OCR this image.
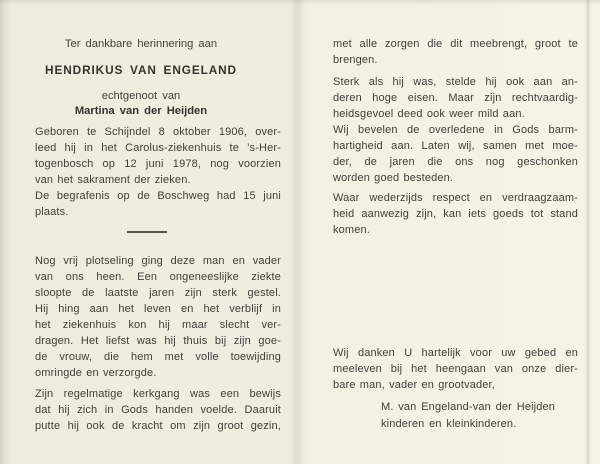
Ter dankbare herinnering aan
HENDRIKUS VAN ENGELAND
echtgenoot van
Martina van der Heijden
Geboren te Schijndel 8 oktober 1906, over-
leed hij in het Carolus-ziekenhuis te ’s-Her-
togenbosch op 12 juni 1978, nog voorzien
van het sakrament der zieken.
De begrafenis op de Boschweg had 15 juni
plaats.
Nog vrij plotseling ging deze man en vader
van ons heen. Een ongeneeslijke ziekte
sloopte de laatste jaren zijn sterk gestel.
Hij hing aan het leven en het verblijf in
het ziekenhuis kon hij maar slecht ver-
dragen. Het liefst was hij thuis bij zijn goe-
de vrouw, die hem met volle toewijding
omringde en verzorgde.
Zijn regelmatige kerkgang was een bewijs
dat hij zich in Gods handen voelde. Daaruit
putte hij ook de kracht om zijn groot gezin,
met alle zorgen die dit meebrengt, groot te
brengen.
Sterk als hij was, stelde hij ook aan an-
deren hoge eisen. Maar zijn rechtvaardig-
heidsgevoel deed ook weer mild aan.
Wij bevelen de overledene in Gods barm-
hartigheid aan. Laten wij, samen met moe-
der, de jaren die ons nog geschonken
worden goed besteden.
Waar wederzijds respect en verdraagzaam-
heid aanwezig zijn, kan iets goeds tot stand
komen.
Wij danken U hartelijk voor uw gebed en
meeleven bij het heengaan van onze dier-
bare man, vader en grootvader,
M. van Engeland-van der Heijden
kinderen en kleinkinderen.
